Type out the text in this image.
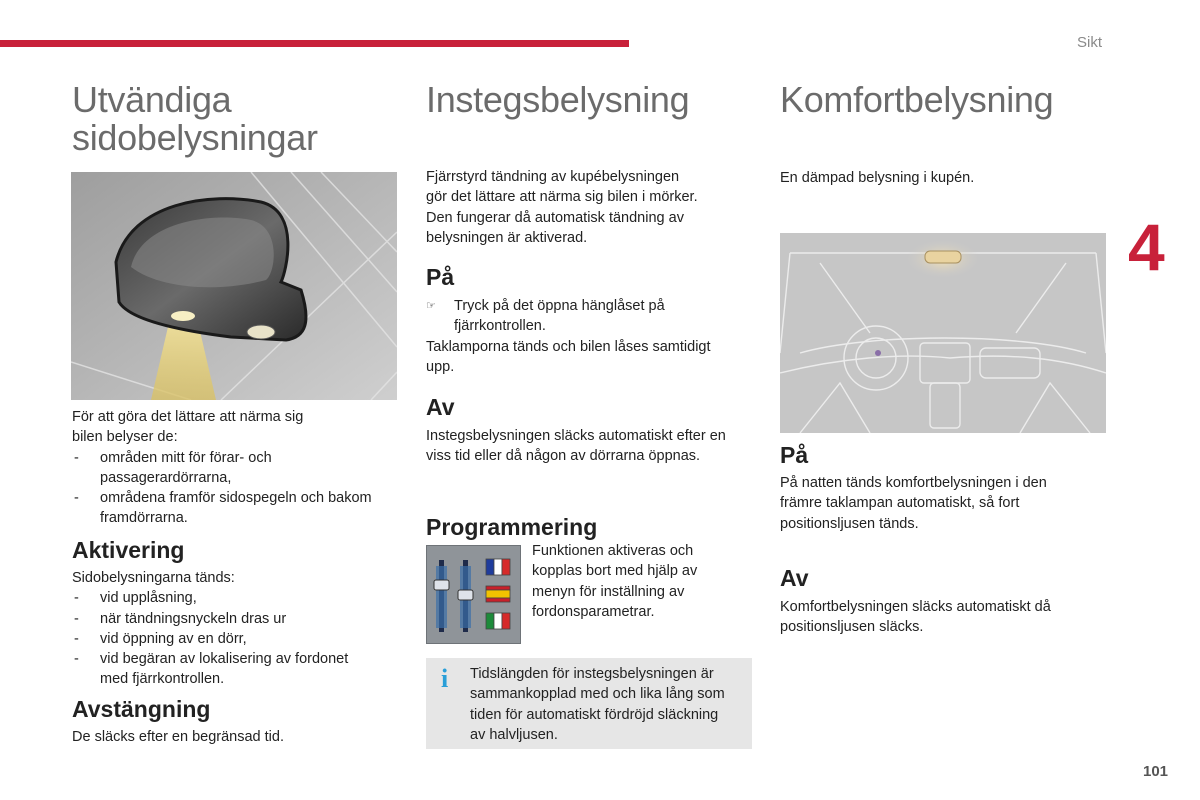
Sikt
4
101
Utvändiga
sidobelysningar

För att göra det lättare att närma sig

bilen belyser de:

- områden mitt för förar- och
passagerardörrarna,
- områdena framför sidospegeln och bakom
framdörrarna.
Aktivering

Sidobelysningarna tänds:

- vid upplåsning,
- när tändningsnyckeln dras ur
- vid öppning av en dörr,
- vid begäran av lokalisering av fordonet
med fjärrkontrollen.
Avstängning
De släcks efter en begränsad tid.
Instegsbelysning

Fjärrstyrd tändning av kupébelysningen

gör det lättare att närma sig bilen i mörker.

Den fungerar då automatisk tändning av

belysningen är aktiverad.

På
☞ Tryck på det öppna hänglåset på
fjärrkontrollen.

Taklamporna tänds och bilen låses samtidigt

upp.

Av

Instegsbelysningen släcks automatiskt efter en

viss tid eller då någon av dörrarna öppnas.

Programmering

Funktionen aktiveras och

kopplas bort med hjälp av

menyn för inställning av

fordonsparametrar.

i	Tidslängden för instegsbelysningen är

sammankopplad med och lika lång som

tiden för automatiskt fördröjd släckning

av halvljusen.

Komfortbelysning
En dämpad belysning i kupén.
På

På natten tänds komfortbelysningen i den

främre taklampan automatiskt, så fort

positionsljusen tänds.

Av

Komfortbelysningen släcks automatiskt då

positionsljusen släcks.
